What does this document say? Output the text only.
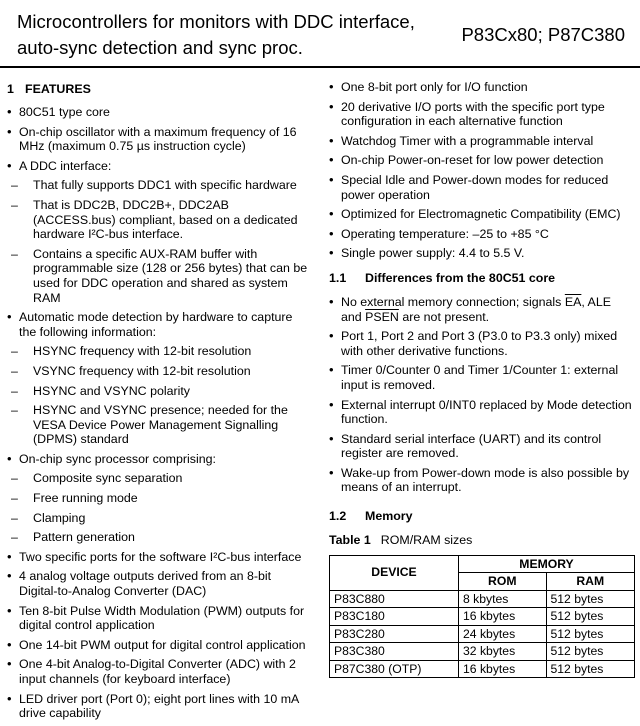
Microcontrollers for monitors with DDC interface, auto-sync detection and sync proc.
P83Cx80; P87C380
1 FEATURES
• 80C51 type core
• On-chip oscillator with a maximum frequency of 16 MHz (maximum 0.75 µs instruction cycle)
• A DDC interface:
– That fully supports DDC1 with specific hardware
– That is DDC2B, DDC2B+, DDC2AB (ACCESS.bus) compliant, based on a dedicated hardware I²C-bus interface.
– Contains a specific AUX-RAM buffer with programmable size (128 or 256 bytes) that can be used for DDC operation and shared as system RAM
• Automatic mode detection by hardware to capture the following information:
– HSYNC frequency with 12-bit resolution
– VSYNC frequency with 12-bit resolution
– HSYNC and VSYNC polarity
– HSYNC and VSYNC presence; needed for the VESA Device Power Management Signalling (DPMS) standard
• On-chip sync processor comprising:
– Composite sync separation
– Free running mode
– Clamping
– Pattern generation
• Two specific ports for the software I²C-bus interface
• 4 analog voltage outputs derived from an 8-bit Digital-to-Analog Converter (DAC)
• Ten 8-bit Pulse Width Modulation (PWM) outputs for digital control application
• One 14-bit PWM output for digital control application
• One 4-bit Analog-to-Digital Converter (ADC) with 2 input channels (for keyboard interface)
• LED driver port (Port 0); eight port lines with 10 mA drive capability
• One 8-bit port only for I/O function
• 20 derivative I/O ports with the specific port type configuration in each alternative function
• Watchdog Timer with a programmable interval
• On-chip Power-on-reset for low power detection
• Special Idle and Power-down modes for reduced power operation
• Optimized for Electromagnetic Compatibility (EMC)
• Operating temperature: –25 to +85 °C
• Single power supply: 4.4 to 5.5 V.
1.1 Differences from the 80C51 core
• No external memory connection; signals $\overline{EA}$, ALE and PSEN are not present.
• Port 1, Port 2 and Port 3 (P3.0 to P3.3 only) mixed with other derivative functions.
• Timer 0/Counter 0 and Timer 1/Counter 1: external input is removed.
• External interrupt 0/INT0 replaced by Mode detection function.
• Standard serial interface (UART) and its control register are removed.
• Wake-up from Power-down mode is also possible by means of an interrupt.
1.2 Memory
Table 1 ROM/RAM sizes
DEVICE	MEMORY	
	ROM	RAM
P83C880	8 kbytes	512 bytes
P83C180	16 kbytes	512 bytes
P83C280	24 kbytes	512 bytes
P83C380	32 kbytes	512 bytes
P87C380 (OTP)	16 kbytes	512 bytes
